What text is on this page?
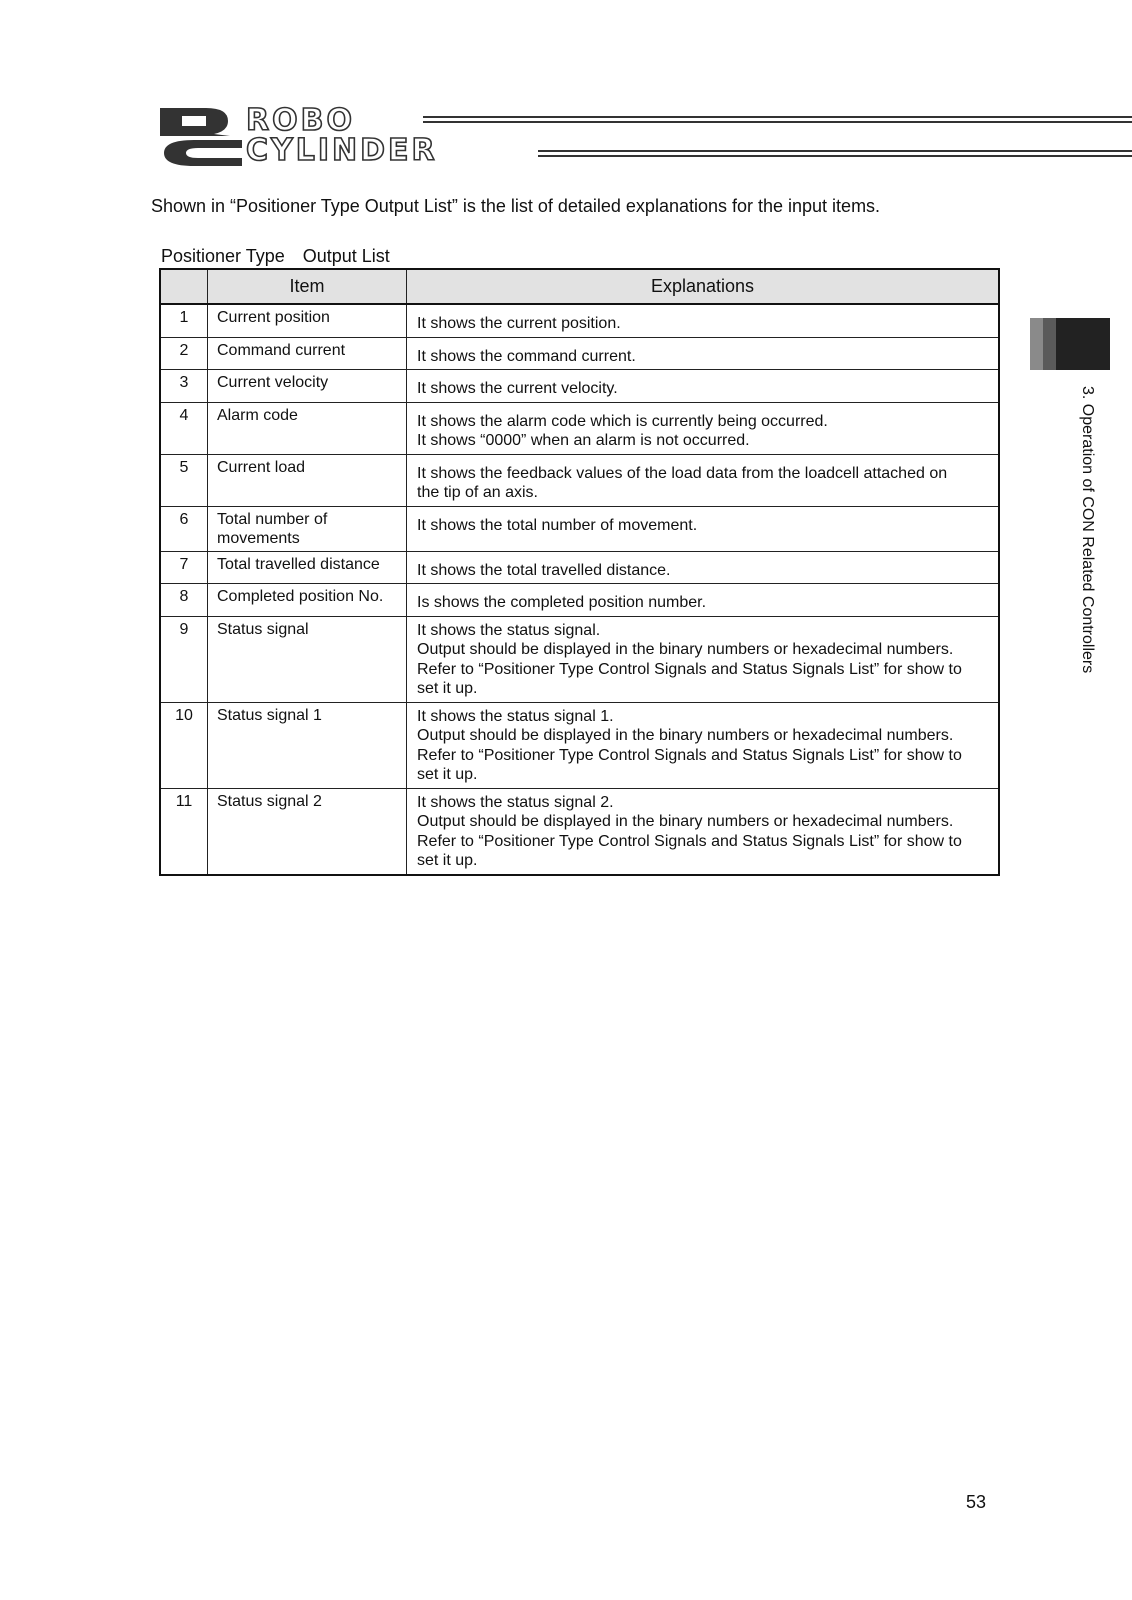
ROBO
CYLINDER
Shown in “Positioner Type Output List” is the list of detailed explanations for the input items.
Positioner Type Output List
	Item	Explanations
1	Current position	It shows the current position.

2	Command current	It shows the command current.

3	Current velocity	It shows the current velocity.

4	Alarm code	It shows the alarm code which is currently being occurred.
It shows “0000” when an alarm is not occurred.

5	Current load	It shows the feedback values of the load data from the loadcell attached on
the tip of an axis.

6	Total number of movements	It shows the total number of movement.

7	Total travelled distance	It shows the total travelled distance.

8	Completed position No.	Is shows the completed position number.

9	Status signal	It shows the status signal.
Output should be displayed in the binary numbers or hexadecimal numbers.
Refer to “Positioner Type Control Signals and Status Signals List” for show to
set it up.

10	Status signal 1	It shows the status signal 1.
Output should be displayed in the binary numbers or hexadecimal numbers.
Refer to “Positioner Type Control Signals and Status Signals List” for show to
set it up.

11	Status signal 2	It shows the status signal 2.
Output should be displayed in the binary numbers or hexadecimal numbers.
Refer to “Positioner Type Control Signals and Status Signals List” for show to
set it up.
3. Operation of CON Related Controllers
53
